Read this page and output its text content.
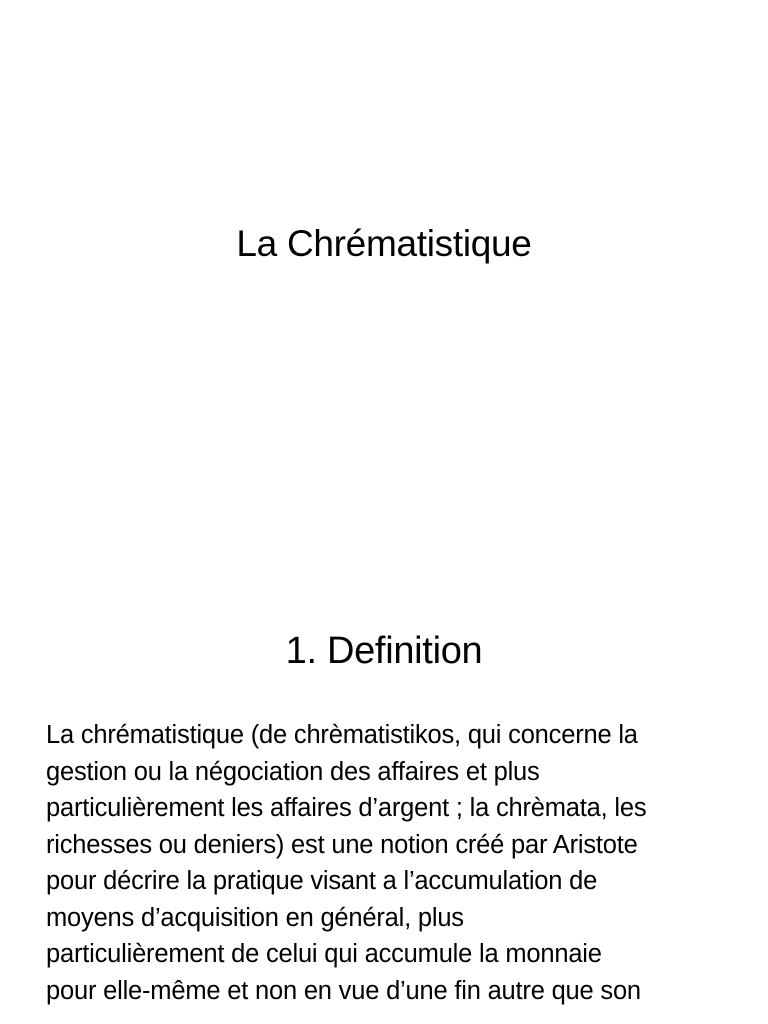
La Chrématistique
1. Definition
La chrématistique (de chrèmatistikos, qui concerne la
gestion ou la négociation des affaires et plus
particulièrement les affaires d’argent ; la chrèmata, les
richesses ou deniers) est une notion créé par Aristote
pour décrire la pratique visant a l’accumulation de
moyens d’acquisition en général, plus
particulièrement de celui qui accumule la monnaie
pour elle-même et non en vue d’une fin autre que son
